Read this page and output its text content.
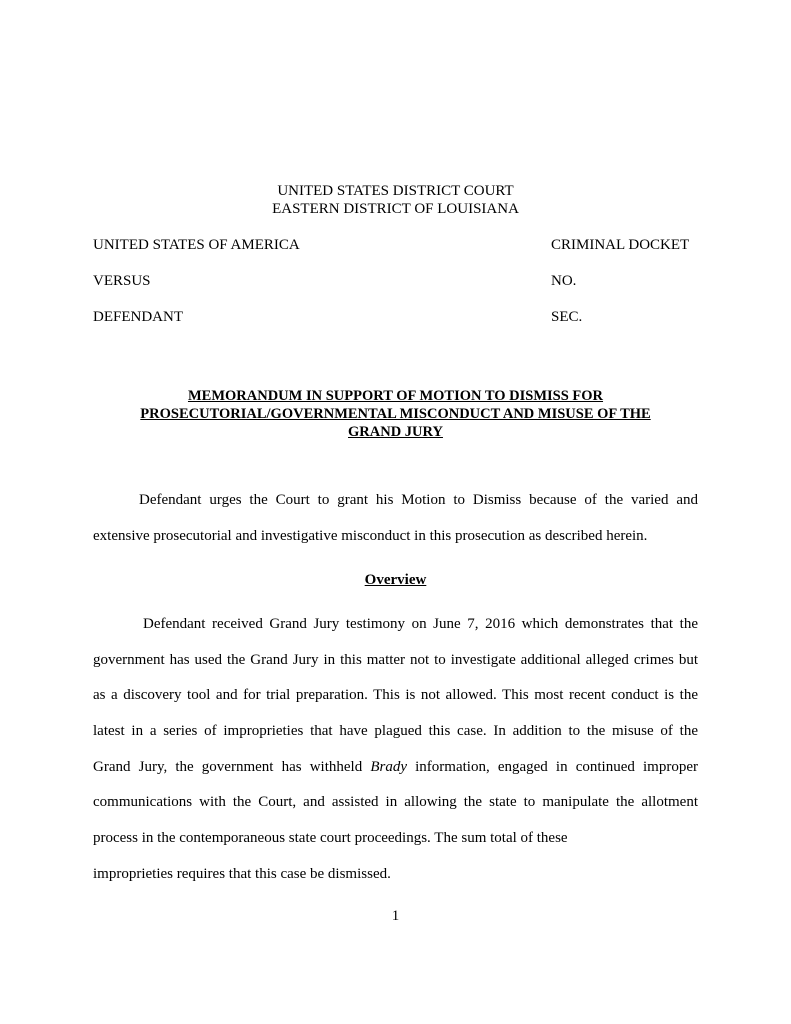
UNITED STATES DISTRICT COURT
EASTERN DISTRICT OF LOUISIANA
UNITED STATES OF AMERICA	CRIMINAL DOCKET
VERSUS	NO.
DEFENDANT	SEC.
MEMORANDUM IN SUPPORT OF MOTION TO DISMISS FOR
PROSECUTORIAL/GOVERNMENTAL MISCONDUCT AND MISUSE OF THE
GRAND JURY
Defendant urges the Court to grant his Motion to Dismiss because of the varied and
extensive prosecutorial and investigative misconduct in this prosecution as described herein.
Overview
Defendant received Grand Jury testimony on June 7, 2016 which demonstrates that the
government has used the Grand Jury in this matter not to investigate additional alleged crimes but
as a discovery tool and for trial preparation. This is not allowed. This most recent conduct is the
latest in a series of improprieties that have plagued this case. In addition to the misuse of the
Grand Jury, the government has withheld Brady information, engaged in continued improper
communications with the Court, and assisted in allowing the state to manipulate the allotment
process in the contemporaneous state court proceedings. The sum total of these
improprieties requires that this case be dismissed.
1
